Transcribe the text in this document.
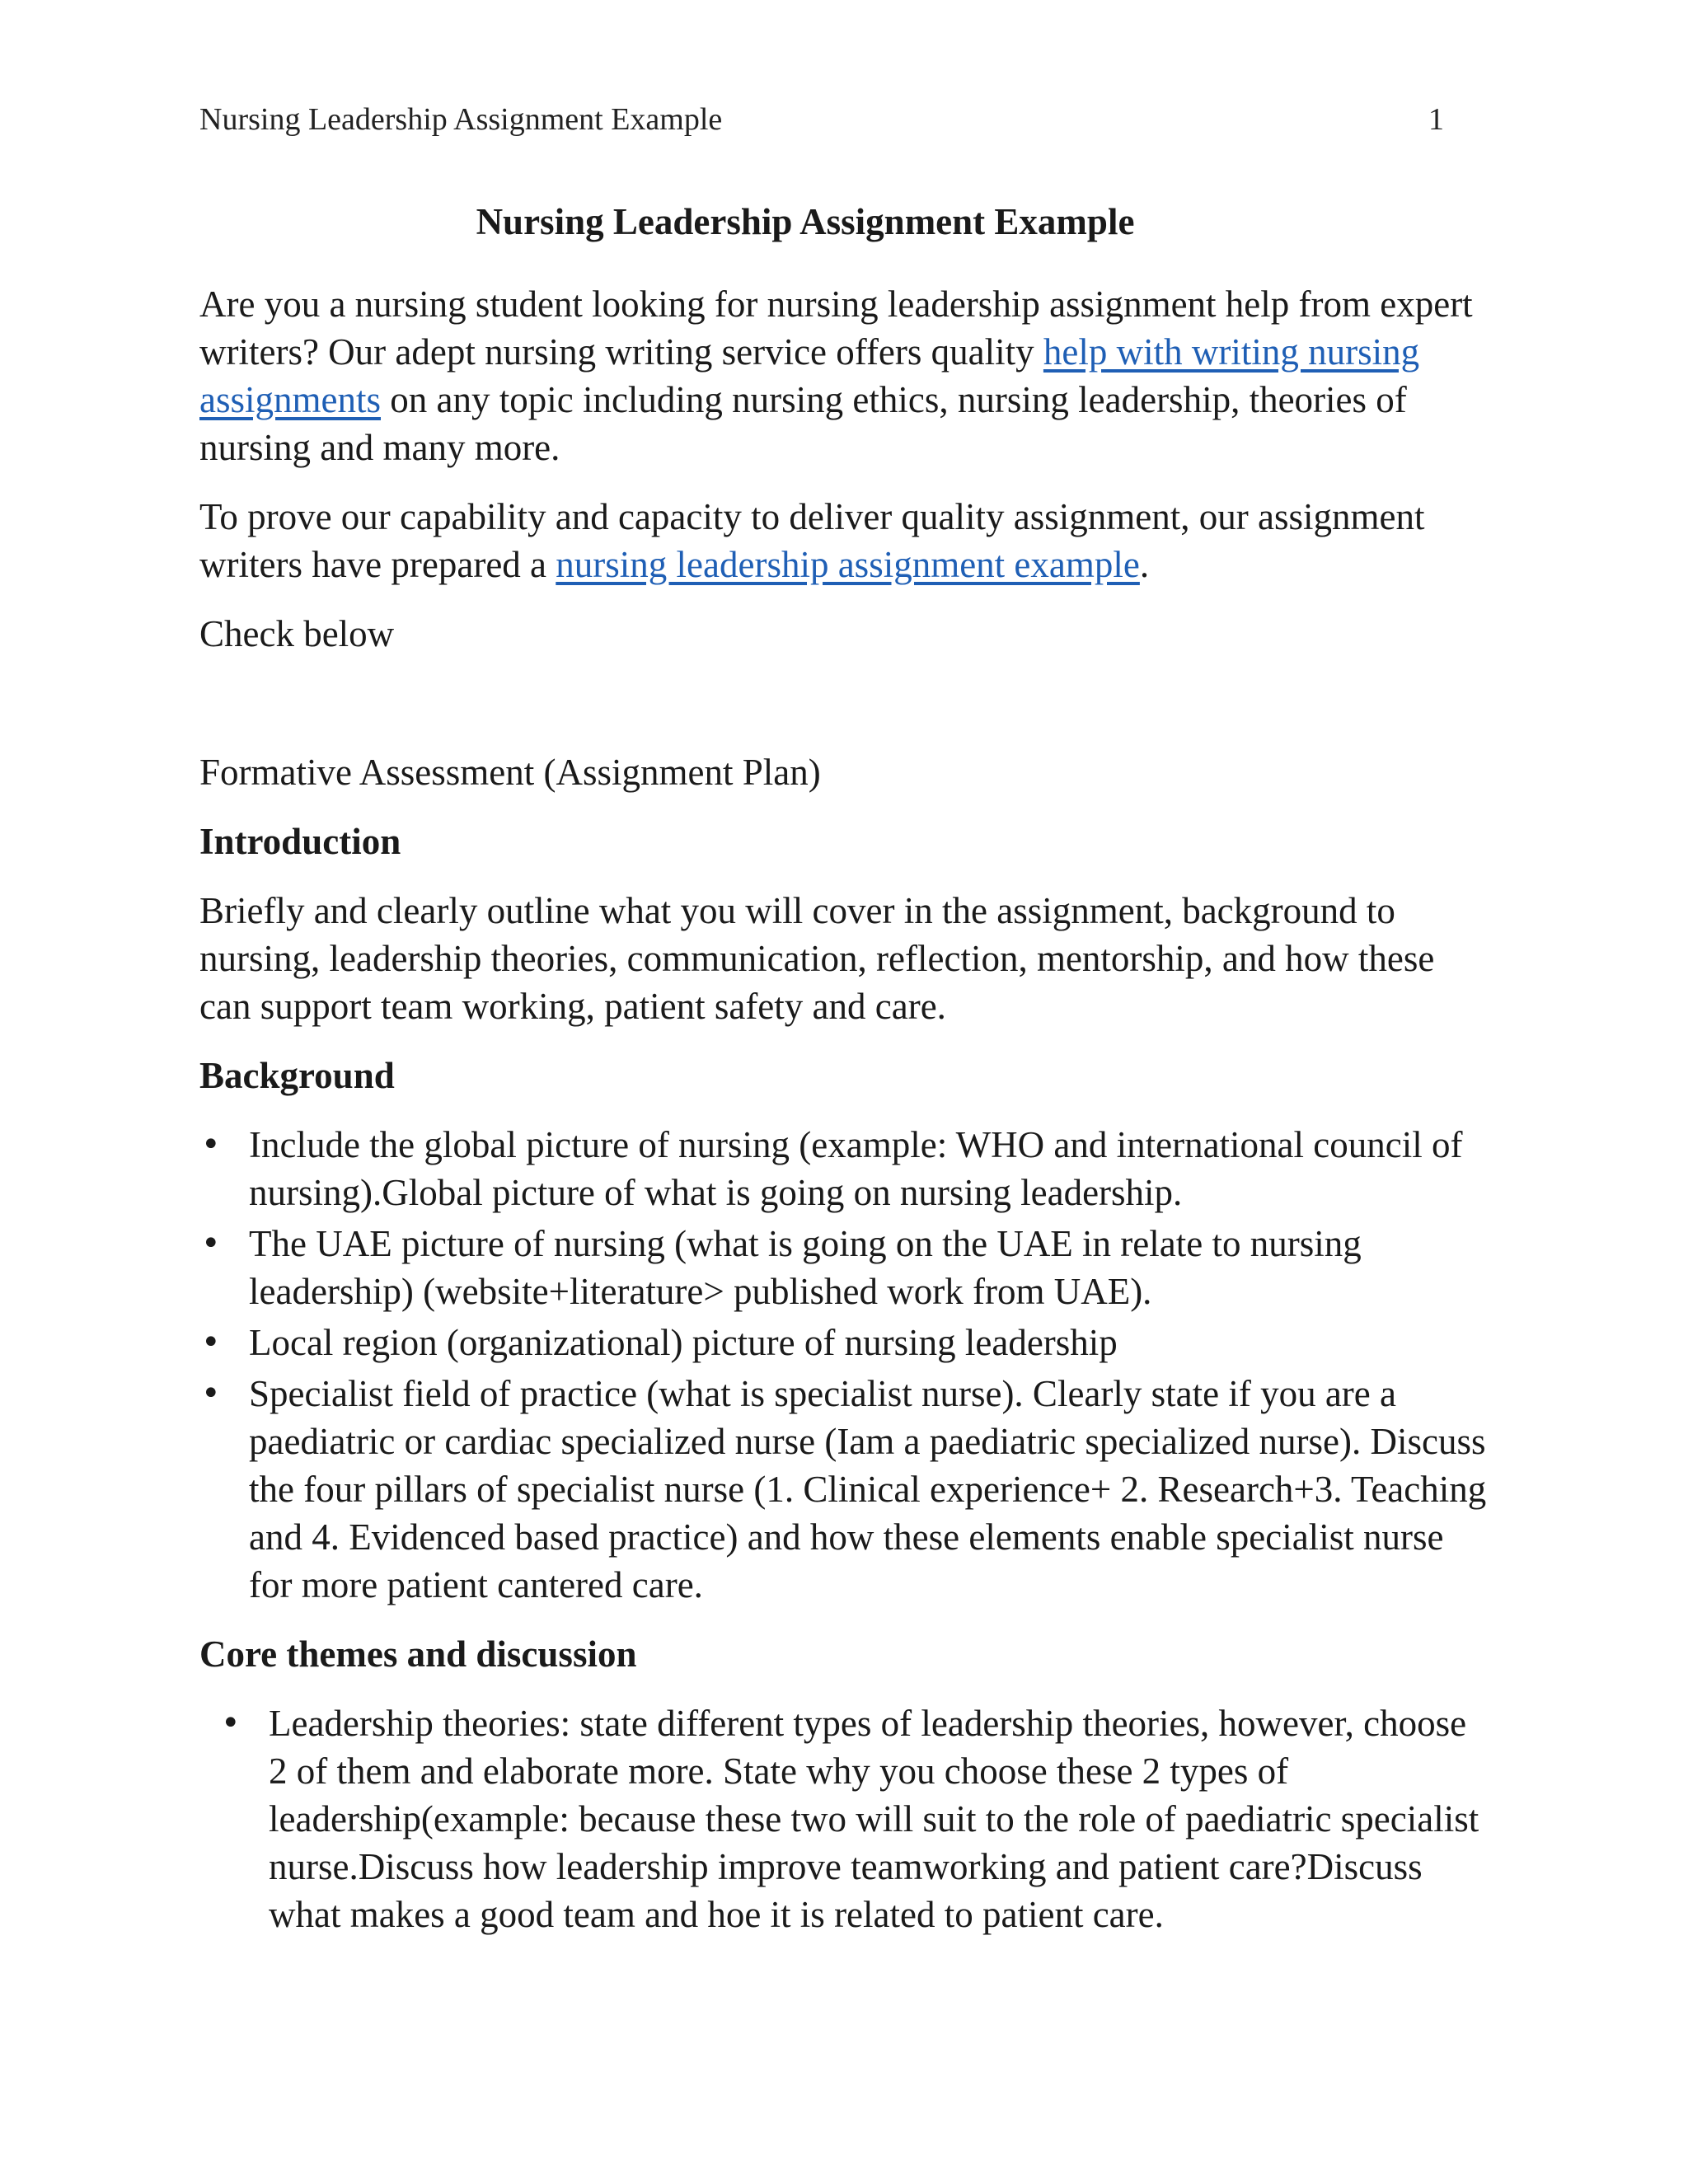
Nursing Leadership Assignment Example	1
Nursing Leadership Assignment Example

Are you a nursing student looking for nursing leadership assignment help from expert writers? Our adept nursing writing service offers quality help with writing nursing assignments on any topic including nursing ethics, nursing leadership, theories of nursing and many more.

To prove our capability and capacity to deliver quality assignment, our assignment writers have prepared a nursing leadership assignment example.

Check below

Formative Assessment (Assignment Plan)

Introduction

Briefly and clearly outline what you will cover in the assignment, background to nursing, leadership theories, communication, reflection, mentorship, and how these can support team working, patient safety and care.

Background
• Include the global picture of nursing (example: WHO and international council of nursing).Global picture of what is going on nursing leadership.
• The UAE picture of nursing (what is going on the UAE in relate to nursing leadership) (website+literature> published work from UAE).
• Local region (organizational) picture of nursing leadership
• Specialist field of practice (what is specialist nurse). Clearly state if you are a paediatric or cardiac specialized nurse (Iam a paediatric specialized nurse). Discuss the four pillars of specialist nurse (1. Clinical experience+ 2. Research+3. Teaching and 4. Evidenced based practice) and how these elements enable specialist nurse for more patient cantered care.
Core themes and discussion
• Leadership theories: state different types of leadership theories, however, choose 2 of them and elaborate more. State why you choose these 2 types of leadership(example: because these two will suit to the role of paediatric specialist nurse.Discuss how leadership improve teamworking and patient care?Discuss what makes a good team and hoe it is related to patient care.
